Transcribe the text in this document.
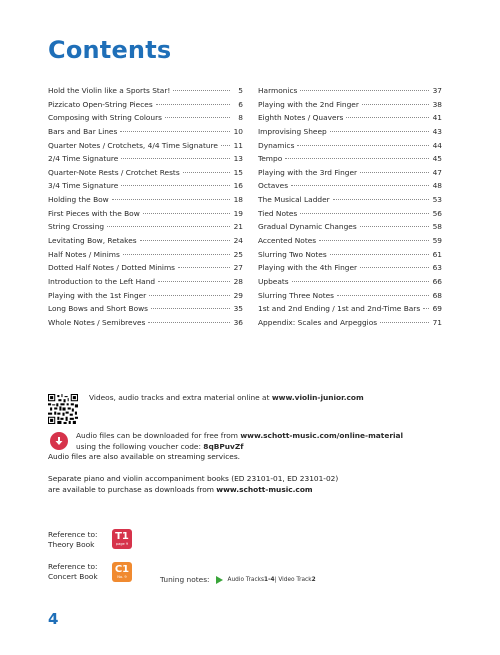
Contents
Hold the Violin like a Sports Star!	5
Pizzicato Open-String Pieces	6
Composing with String Colours	8
Bars and Bar Lines	10
Quarter Notes / Crotchets, 4/4 Time Signature 11
2/4 Time Signature	13
Quarter-Note Rests / Crotchet Rests	15
3/4 Time Signature	16
Holding the Bow	18
First Pieces with the Bow	19
String Crossing	21
Levitating Bow, Retakes	24
Half Notes / Minims	25
Dotted Half Notes / Dotted Minims	27
Introduction to the Left Hand	28
Playing with the 1st Finger	29
Long Bows and Short Bows	35
Whole Notes / Semibreves	36
Harmonics	37
Playing with the 2nd Finger	38
Eighth Notes / Quavers	41
Improvising Sheep	43
Dynamics	44
Tempo	45
Playing with the 3rd Finger	47
Octaves	48
The Musical Ladder	53
Tied Notes	56
Gradual Dynamic Changes	58
Accented Notes	59
Slurring Two Notes	61
Playing with the 4th Finger	63
Upbeats	66
Slurring Three Notes	68
1st and 2nd Ending / 1st and 2nd-Time Bars 69
Appendix: Scales and Arpeggios	71
Videos, audio tracks and extra material online at www.violin-junior.com
Audio files can be downloaded for free from www.schott-music.com/online-material
using the following voucher code: 8qBPuvZf
Audio files are also available on streaming services.
Separate piano and violin accompaniment books (ED 23101-01, ED 23101-02)
are available to purchase as downloads from www.schott-music.com
Reference to:
Theory Book
T1
page 9
Reference to:
Concert Book
C1
No. 9	Tuning notes:	Audio Tracks 1-4 | Video Track 2
4
